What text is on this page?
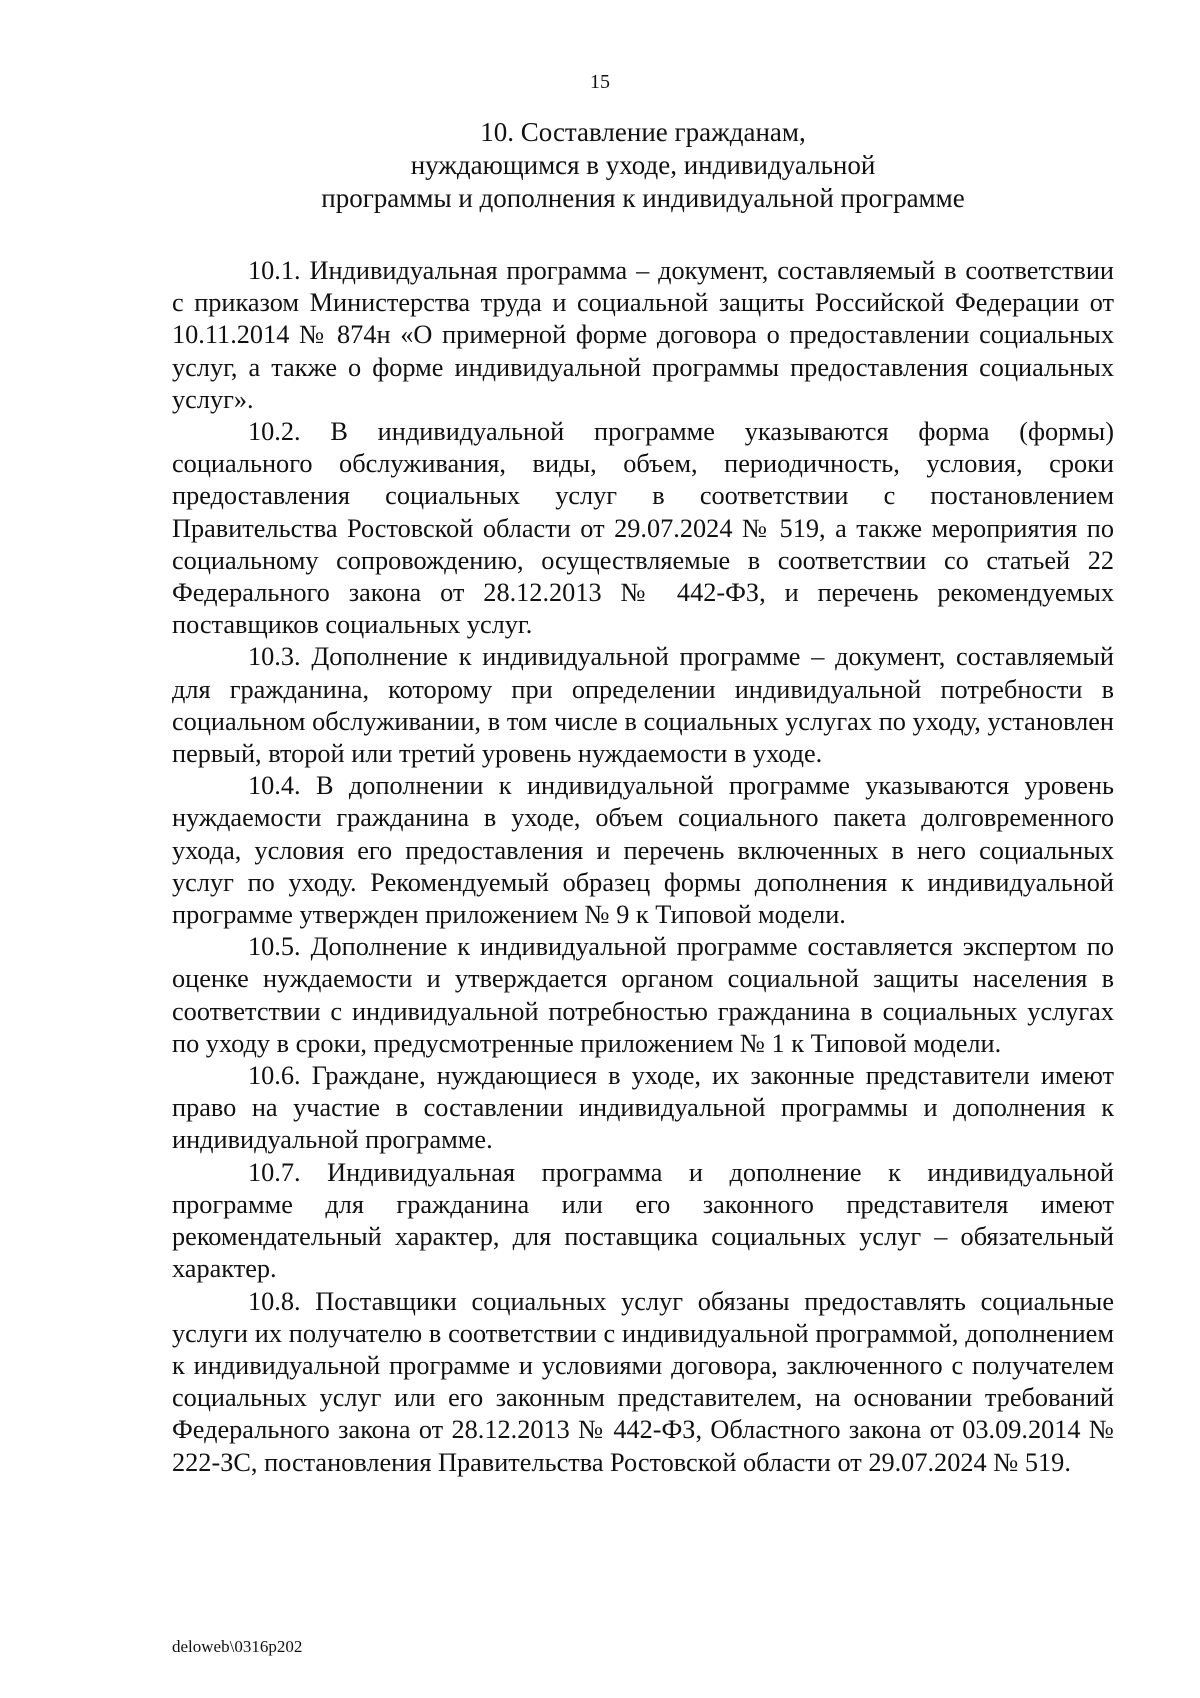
15
10. Составление гражданам,
нуждающимся в уходе, индивидуальной
программы и дополнения к индивидуальной программе

10.1. Индивидуальная программа – документ, составляемый в соответствии с приказом Министерства труда и социальной защиты Российской Федерации от 10.11.2014 № 874н «О примерной форме договора о предоставлении социальных услуг, а также о форме индивидуальной программы предоставления социальных услуг».

10.2. В индивидуальной программе указываются форма (формы) социального обслуживания, виды, объем, периодичность, условия, сроки предоставления социальных услуг в соответствии с постановлением Правительства Ростовской области от 29.07.2024 № 519, а также мероприятия по социальному сопровождению, осуществляемые в соответствии со статьей 22 Федерального закона от 28.12.2013 № 442-ФЗ, и перечень рекомендуемых поставщиков социальных услуг.

10.3. Дополнение к индивидуальной программе – документ, составляемый для гражданина, которому при определении индивидуальной потребности в социальном обслуживании, в том числе в социальных услугах по уходу, установлен первый, второй или третий уровень нуждаемости в уходе.

10.4. В дополнении к индивидуальной программе указываются уровень нуждаемости гражданина в уходе, объем социального пакета долговременного ухода, условия его предоставления и перечень включенных в него социальных услуг по уходу. Рекомендуемый образец формы дополнения к индивидуальной программе утвержден приложением № 9 к Типовой модели.

10.5. Дополнение к индивидуальной программе составляется экспертом по оценке нуждаемости и утверждается органом социальной защиты населения в соответствии с индивидуальной потребностью гражданина в социальных услугах по уходу в сроки, предусмотренные приложением № 1 к Типовой модели.

10.6. Граждане, нуждающиеся в уходе, их законные представители имеют право на участие в составлении индивидуальной программы и дополнения к индивидуальной программе.

10.7. Индивидуальная программа и дополнение к индивидуальной программе для гражданина или его законного представителя имеют рекомендательный характер, для поставщика социальных услуг – обязательный характер.

10.8. Поставщики социальных услуг обязаны предоставлять социальные услуги их получателю в соответствии с индивидуальной программой, дополнением к индивидуальной программе и условиями договора, заключенного с получателем социальных услуг или его законным представителем, на основании требований Федерального закона от 28.12.2013 № 442-ФЗ, Областного закона от 03.09.2014 № 222-ЗС, постановления Правительства Ростовской области от 29.07.2024 № 519.

deloweb\0316p202
